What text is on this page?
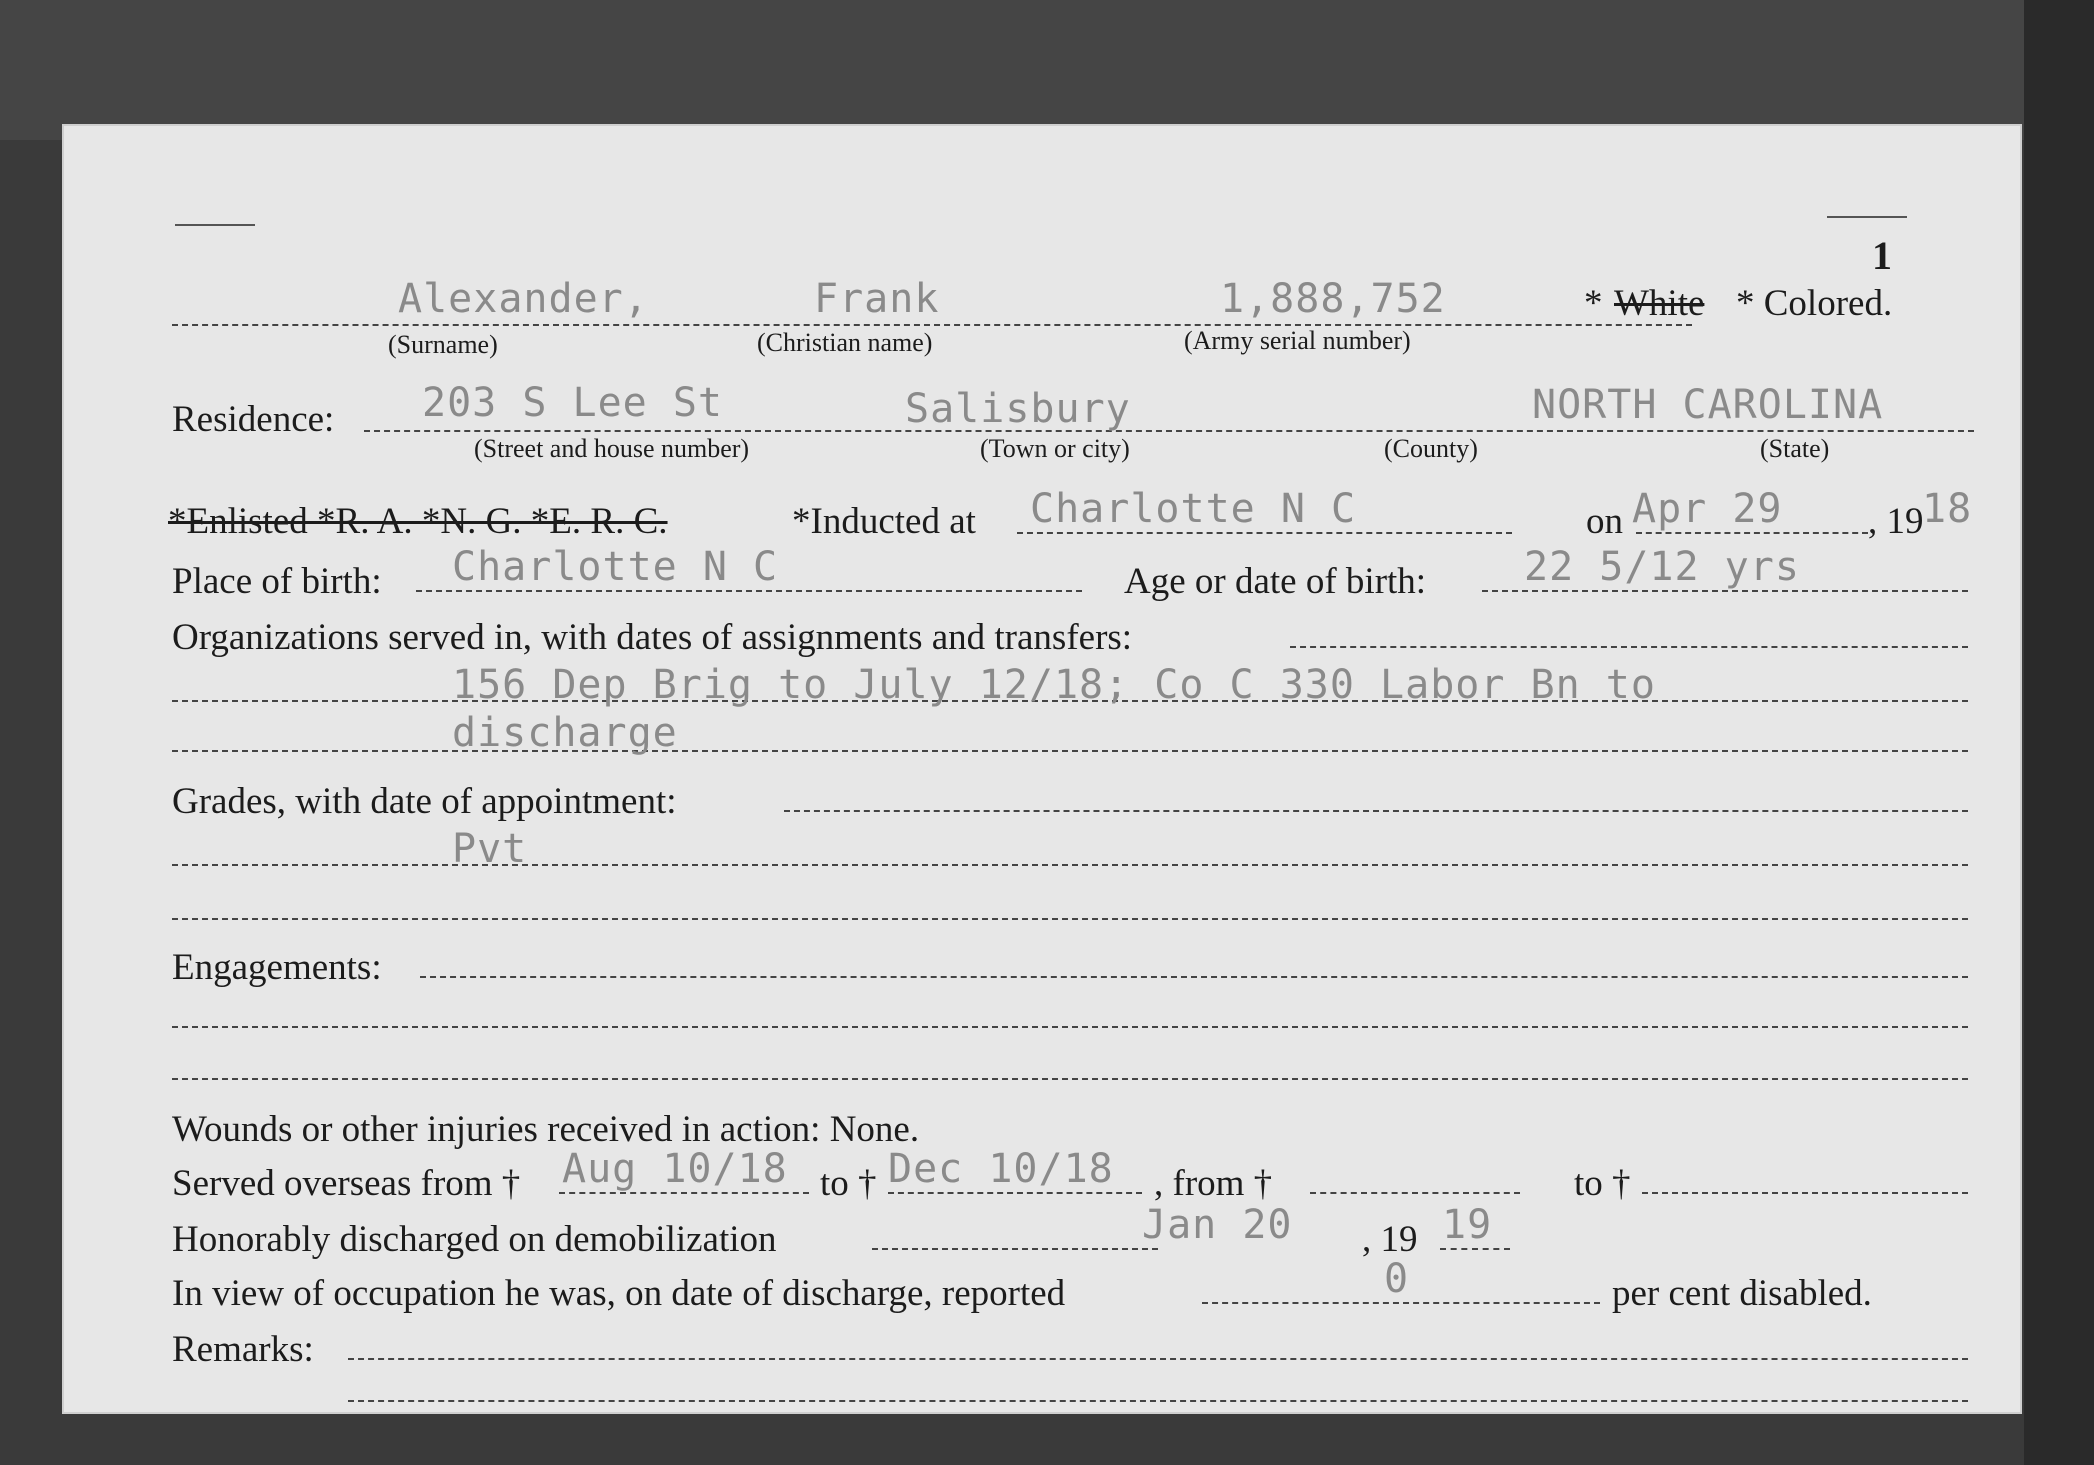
1
Alexander,	Frank	1,888,752	* White * Colored.
(Surname)	(Christian name)	(Army serial number)
Residence: 203 S Lee St	Salisbury	NORTH CAROLINA
(Street and house number)	(Town or city)	(County)	(State)
*Enlisted *R. A. *N. G. *E. R. C.	*Inducted at Charlotte N C	on Apr 29 , 19
18
Place of birth: Charlotte N C	Age or date of birth: 22 5/12 yrs
Organizations served in, with dates of assignments and transfers:
156 Dep Brig to July 12/18; Co C 330 Labor Bn to
discharge
Grades, with date of appointment:
Pvt
Engagements:
Wounds or other injuries received in action: None.
Served overseas from † Aug 10/18 to † Dec 10/18 , from †	to †
Honorably discharged on demobilization	Jan 20 , 19 19
In view of occupation he was, on date of discharge, reported	0	per cent disabled.
Remarks:
